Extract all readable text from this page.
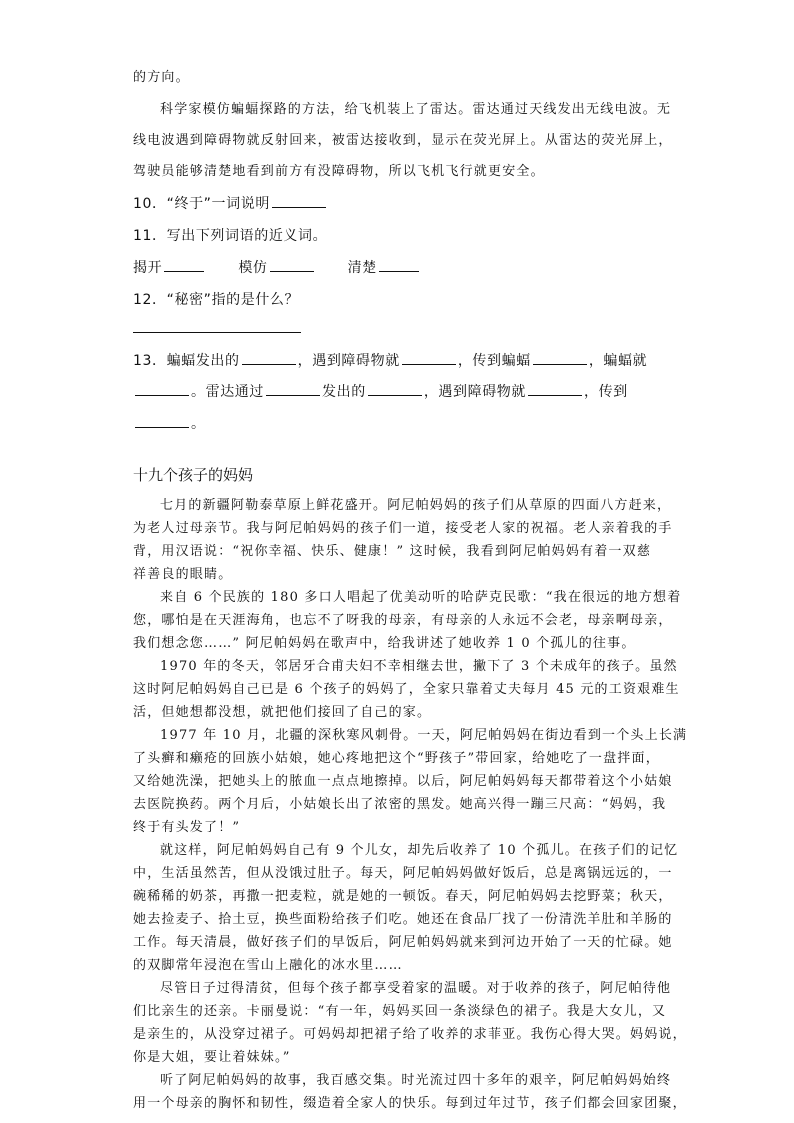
的方向。
科学家模仿蝙蝠探路的方法，给飞机装上了雷达。雷达通过天线发出无线电波。无
线电波遇到障碍物就反射回来，被雷达接收到，显示在荧光屏上。从雷达的荧光屏上，
驾驶员能够清楚地看到前方有没障碍物，所以飞机飞行就更安全。
10．“终于”一词说明
11．写出下列词语的近义词。
揭开	模仿	清楚
12．“秘密”指的是什么？
13．蝙蝠发出的	，遇到障碍物就	，传到蝙蝠	，蝙蝠就
。雷达通过	发出的	，遇到障碍物就	，传到
。
十九个孩子的妈妈
七月的新疆阿勒泰草原上鲜花盛开。阿尼帕妈妈的孩子们从草原的四面八方赶来，
为老人过母亲节。我与阿尼帕妈妈的孩子们一道，接受老人家的祝福。老人亲着我的手
背，用汉语说：“祝你幸福、快乐、健康！” 这时候，我看到阿尼帕妈妈有着一双慈
祥善良的眼睛。
来自 6 个民族的 180 多口人唱起了优美动听的哈萨克民歌：“我在很远的地方想着
您，哪怕是在天涯海角，也忘不了呀我的母亲，有母亲的人永远不会老，母亲啊母亲，
我们想念您……” 阿尼帕妈妈在歌声中，给我讲述了她收养 1 0 个孤儿的往事。
1970 年的冬天，邻居牙合甫夫妇不幸相继去世，撇下了 3 个未成年的孩子。虽然
这时阿尼帕妈妈自己已是 6 个孩子的妈妈了，全家只靠着丈夫每月 45 元的工资艰难生
活，但她想都没想，就把他们接回了自己的家。
1977 年 10 月，北疆的深秋寒风刺骨。一天，阿尼帕妈妈在街边看到一个头上长满
了头癣和癞疮的回族小姑娘，她心疼地把这个“野孩子”带回家，给她吃了一盘拌面，
又给她洗澡，把她头上的脓血一点点地擦掉。以后，阿尼帕妈妈每天都带着这个小姑娘
去医院换药。两个月后，小姑娘长出了浓密的黑发。她高兴得一蹦三尺高：“妈妈，我
终于有头发了！”
就这样，阿尼帕妈妈自己有 9 个儿女，却先后收养了 10 个孤儿。在孩子们的记忆
中，生活虽然苦，但从没饿过肚子。每天，阿尼帕妈妈做好饭后，总是离锅远远的，一
碗稀稀的奶茶，再撒一把麦粒，就是她的一顿饭。春天，阿尼帕妈妈去挖野菜；秋天，
她去捡麦子、拾土豆，换些面粉给孩子们吃。她还在食品厂找了一份清洗羊肚和羊肠的
工作。每天清晨，做好孩子们的早饭后，阿尼帕妈妈就来到河边开始了一天的忙碌。她
的双脚常年浸泡在雪山上融化的冰水里……
尽管日子过得清贫，但每个孩子都享受着家的温暖。对于收养的孩子，阿尼帕待他
们比亲生的还亲。卡丽曼说：“有一年，妈妈买回一条淡绿色的裙子。我是大女儿，又
是亲生的，从没穿过裙子。可妈妈却把裙子给了收养的求菲亚。我伤心得大哭。妈妈说，
你是大姐，要让着妹妹。”
听了阿尼帕妈妈的故事，我百感交集。时光流过四十多年的艰辛，阿尼帕妈妈始终
用一个母亲的胸怀和韧性，缀造着全家人的快乐。每到过年过节，孩子们都会回家团聚，
